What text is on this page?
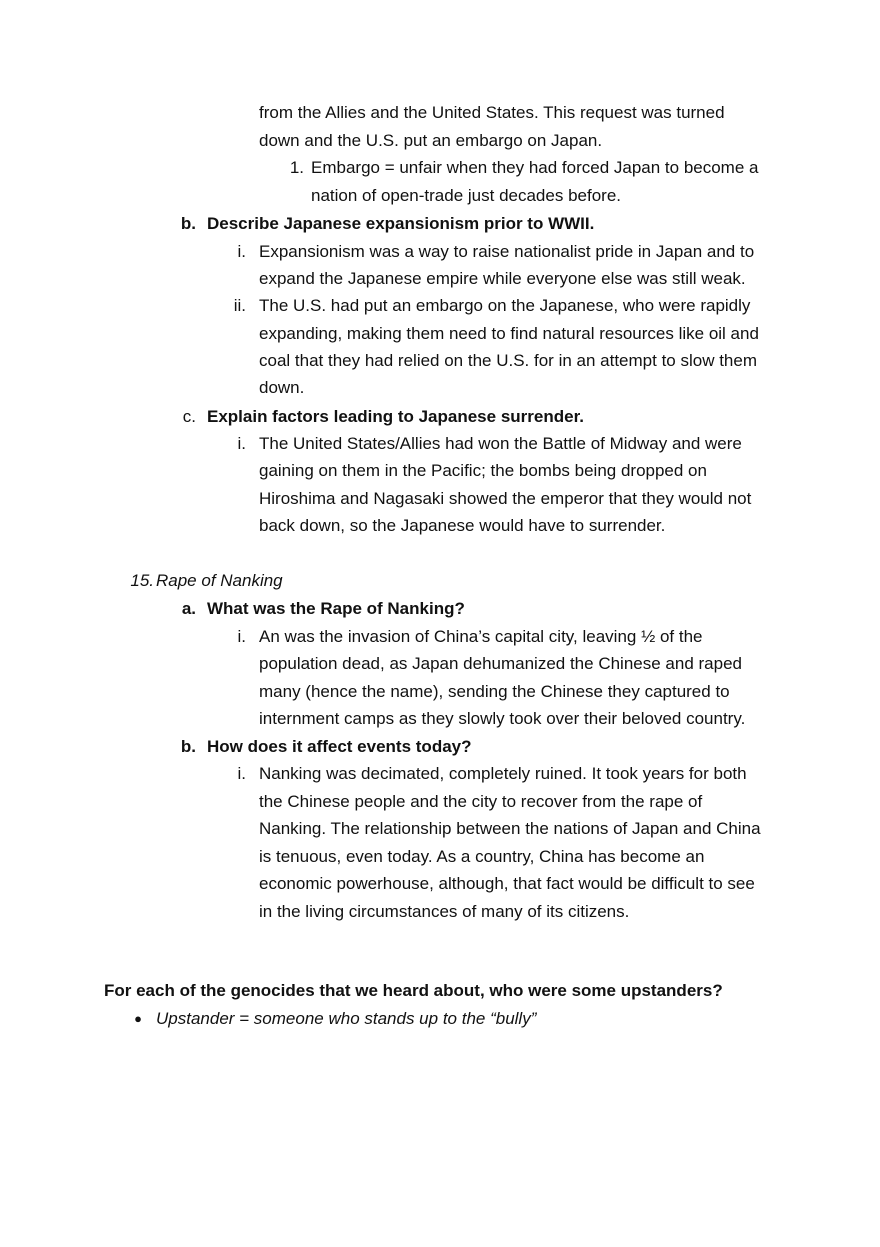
from the Allies and the United States. This request was turned
down and the U.S. put an embargo on Japan.
1. Embargo = unfair when they had forced Japan to become a
nation of open-trade just decades before.
b. Describe Japanese expansionism prior to WWII.
i. Expansionism was a way to raise nationalist pride in Japan and to
expand the Japanese empire while everyone else was still weak.
ii. The U.S. had put an embargo on the Japanese, who were rapidly
expanding, making them need to find natural resources like oil and
coal that they had relied on the U.S. for in an attempt to slow them
down.
c. Explain factors leading to Japanese surrender.
i. The United States/Allies had won the Battle of Midway and were
gaining on them in the Pacific; the bombs being dropped on
Hiroshima and Nagasaki showed the emperor that they would not
back down, so the Japanese would have to surrender.
15. Rape of Nanking
a. What was the Rape of Nanking?
i. An was the invasion of China’s capital city, leaving ½ of the
population dead, as Japan dehumanized the Chinese and raped
many (hence the name), sending the Chinese they captured to
internment camps as they slowly took over their beloved country.
b. How does it affect events today?
i. Nanking was decimated, completely ruined. It took years for both
the Chinese people and the city to recover from the rape of
Nanking. The relationship between the nations of Japan and China
is tenuous, even today. As a country, China has become an
economic powerhouse, although, that fact would be difficult to see
in the living circumstances of many of its citizens.
For each of the genocides that we heard about, who were some upstanders?
● Upstander = someone who stands up to the “bully”
